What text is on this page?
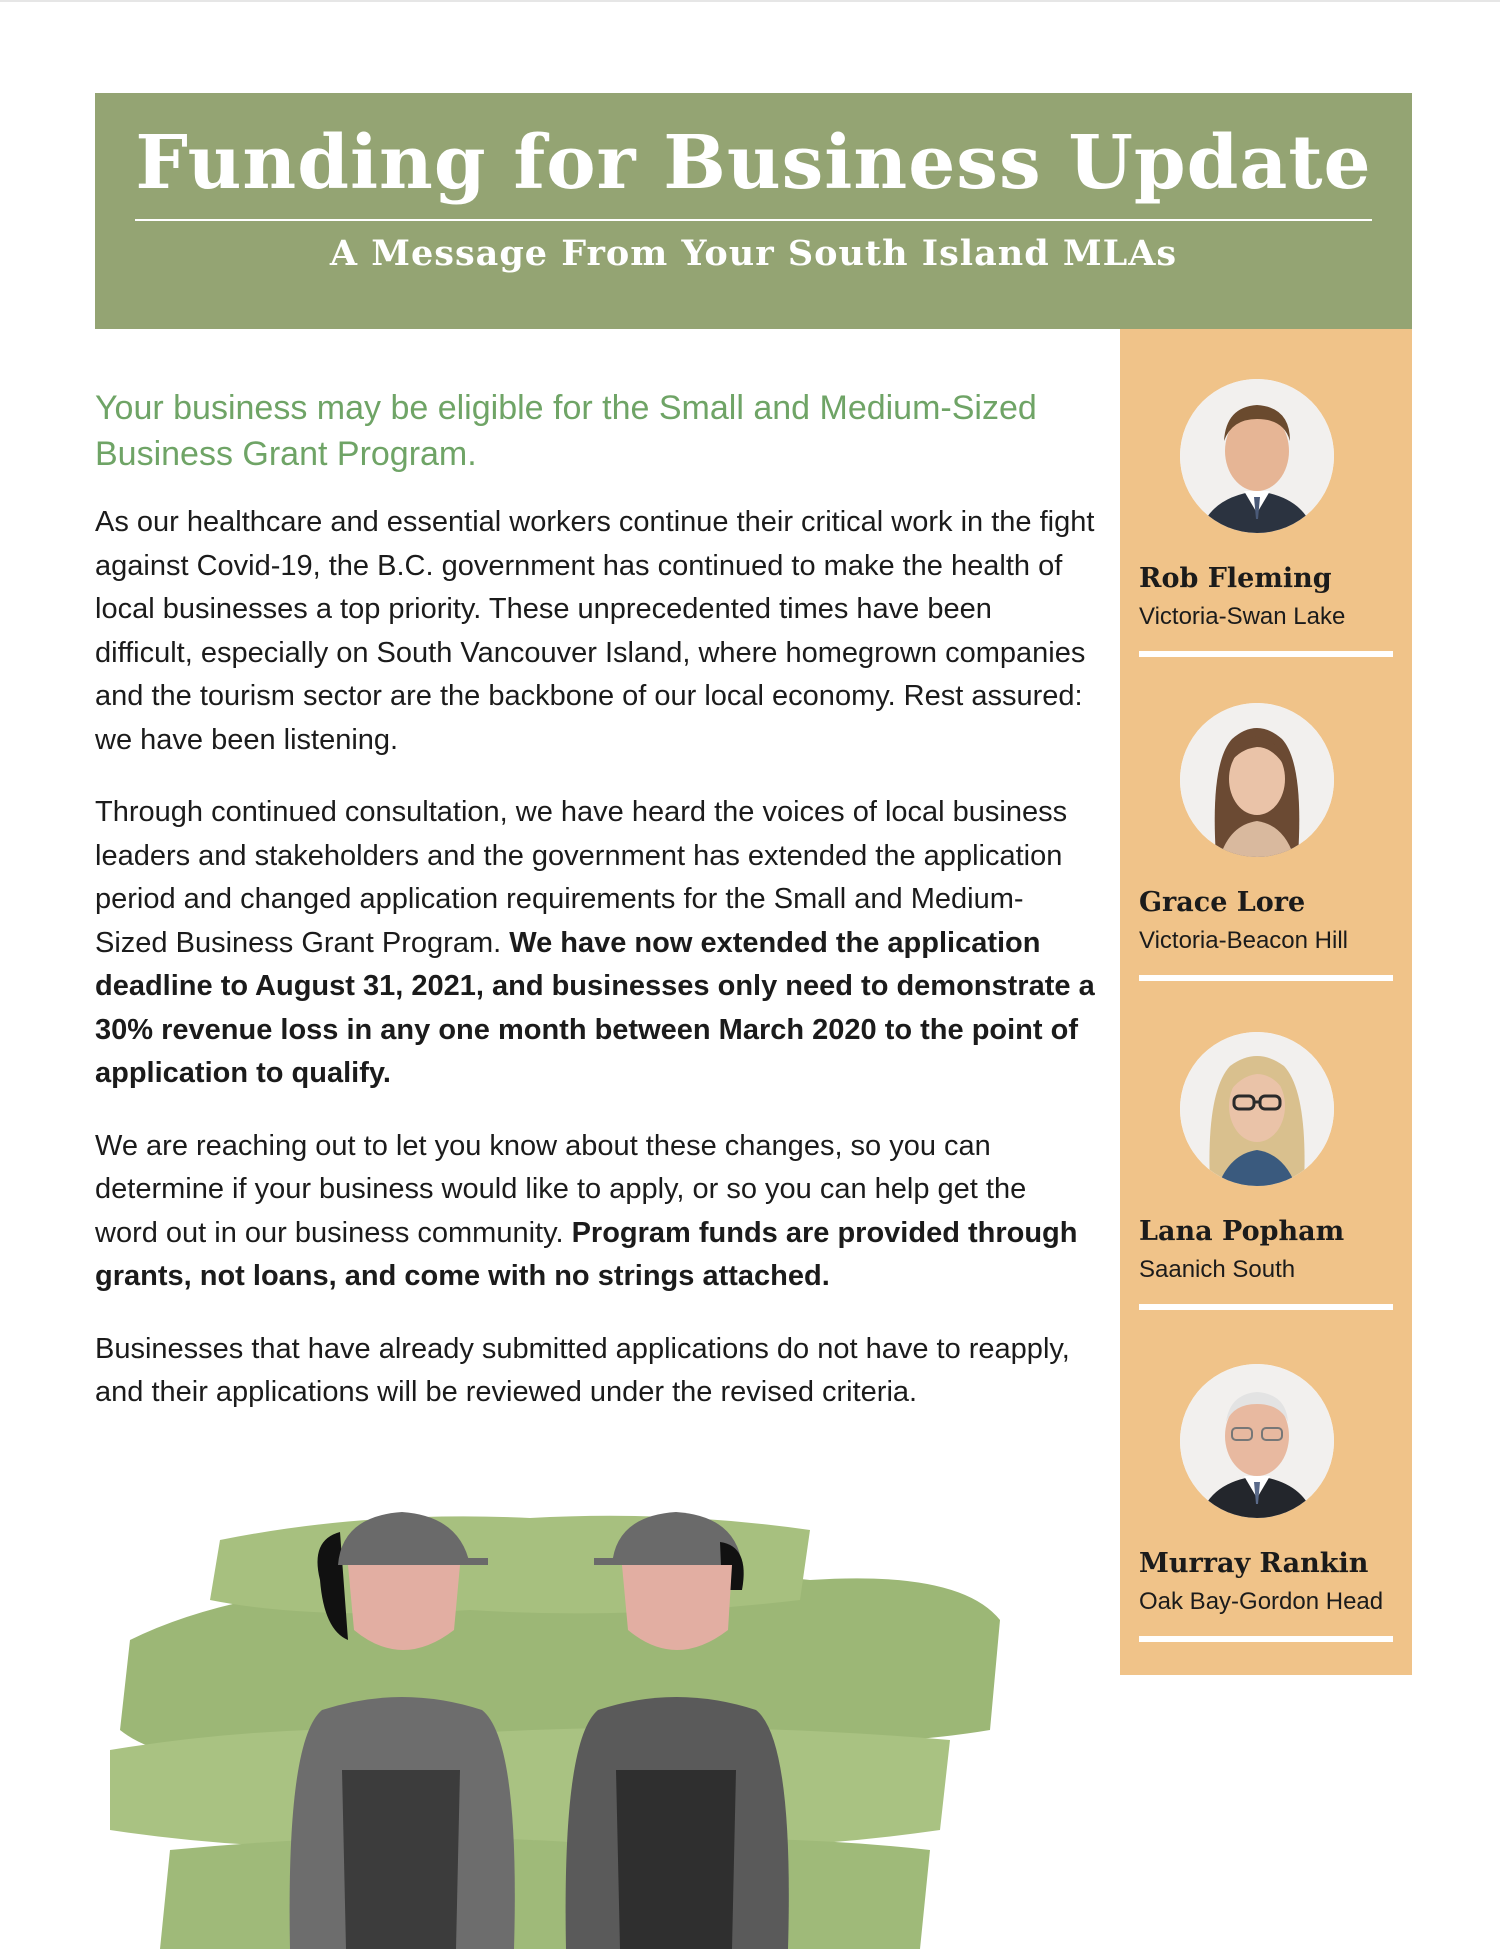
Funding for Business Update
A Message From Your South Island MLAs
Your business may be eligible for the Small and Medium-Sized Business Grant Program.

As our healthcare and essential workers continue their critical work in the fight against Covid-19, the B.C. government has continued to make the health of local businesses a top priority. These unprecedented times have been difficult, especially on South Vancouver Island, where homegrown companies and the tourism sector are the backbone of our local economy. Rest assured: we have been listening.

Through continued consultation, we have heard the voices of local business leaders and stakeholders and the government has extended the application period and changed application requirements for the Small and Medium-Sized Business Grant Program. We have now extended the application deadline to August 31, 2021, and businesses only need to demonstrate a 30% revenue loss in any one month between March 2020 to the point of application to qualify.

We are reaching out to let you know about these changes, so you can determine if your business would like to apply, or so you can help get the word out in our business community. Program funds are provided through grants, not loans, and come with no strings attached.

Businesses that have already submitted applications do not have to reapply, and their applications will be reviewed under the revised criteria.

Rob Fleming
Victoria-Swan Lake
Grace Lore
Victoria-Beacon Hill
Lana Popham
Saanich South
Murray Rankin
Oak Bay-Gordon Head
